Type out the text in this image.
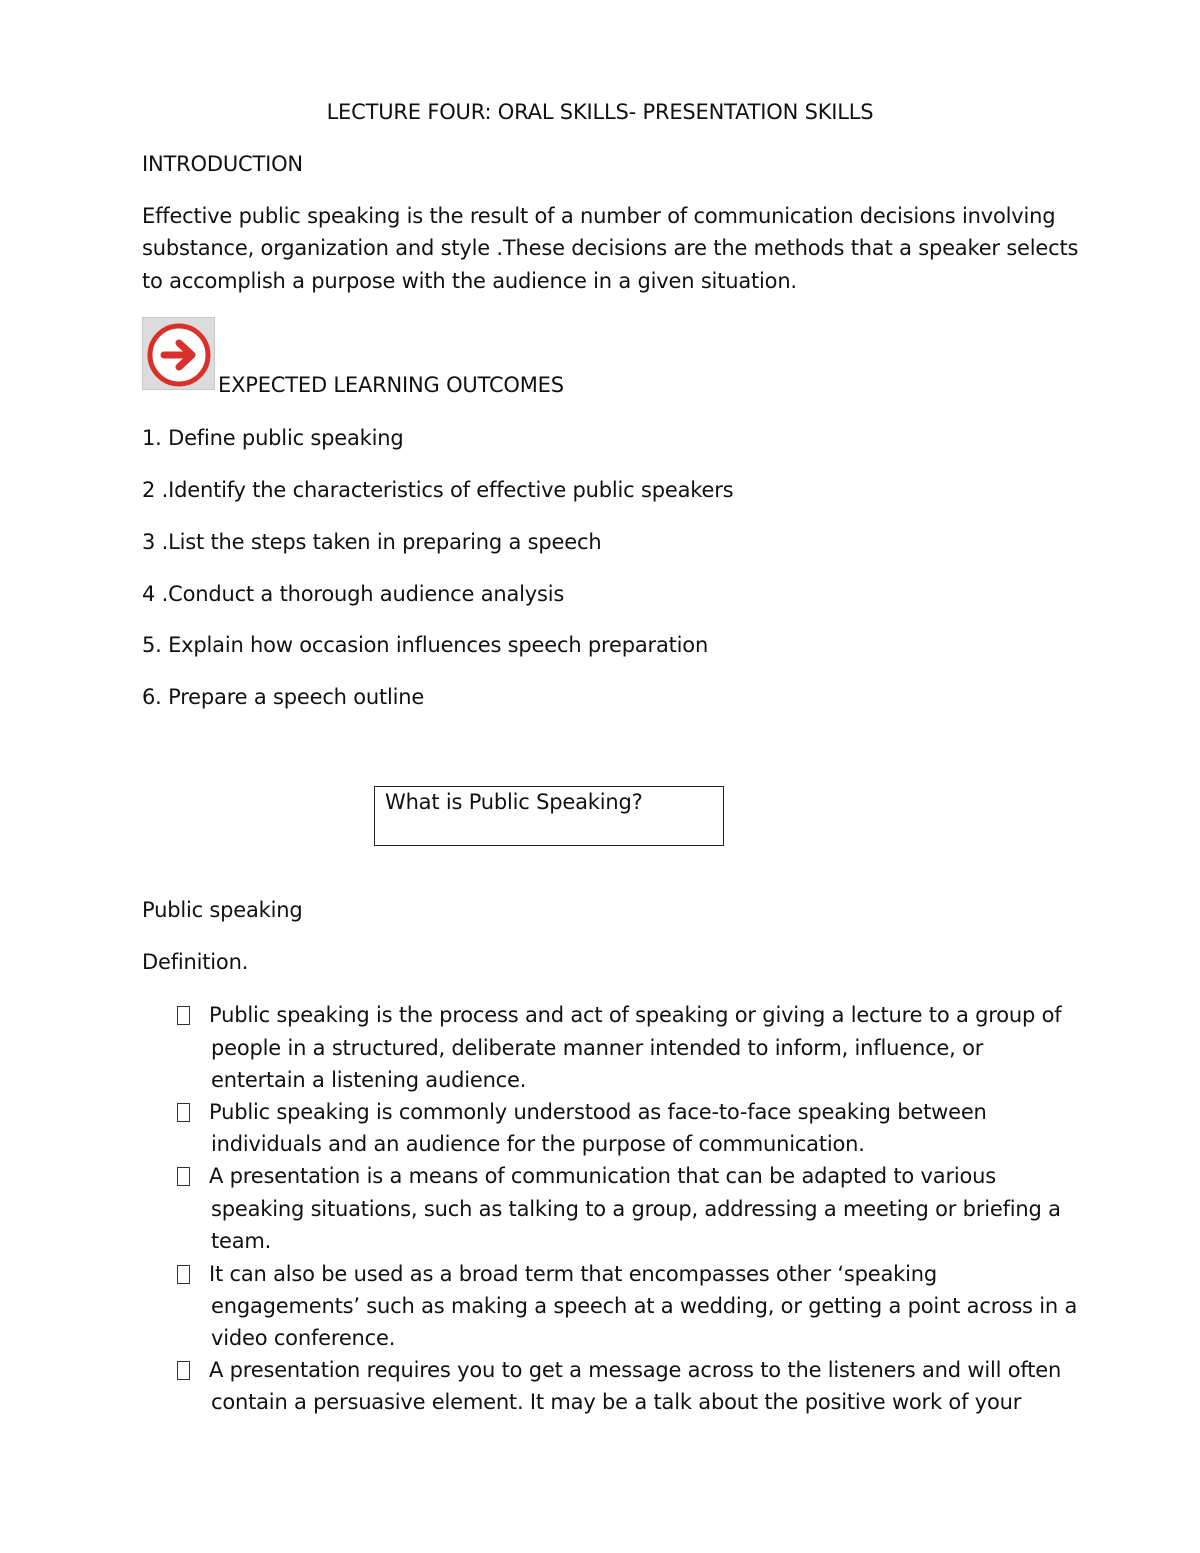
LECTURE FOUR: ORAL SKILLS- PRESENTATION SKILLS
INTRODUCTION
Effective public speaking is the result of a number of communication decisions involving
substance, organization and style .These decisions are the methods that a speaker selects
to accomplish a purpose with the audience in a given situation.
EXPECTED LEARNING OUTCOMES
1. Define public speaking
2 .Identify the characteristics of effective public speakers
3 .List the steps taken in preparing a speech
4 .Conduct a thorough audience analysis
5. Explain how occasion influences speech preparation
6. Prepare a speech outline
What is Public Speaking?
Public speaking
Definition.
Public speaking is the process and act of speaking or giving a lecture to a group of
people in a structured, deliberate manner intended to inform, influence, or
entertain a listening audience.
Public speaking is commonly understood as face-to-face speaking between
individuals and an audience for the purpose of communication.
A presentation is a means of communication that can be adapted to various
speaking situations, such as talking to a group, addressing a meeting or briefing a
team.
It can also be used as a broad term that encompasses other ‘speaking
engagements’ such as making a speech at a wedding, or getting a point across in a
video conference.
A presentation requires you to get a message across to the listeners and will often
contain a persuasive element. It may be a talk about the positive work of your
